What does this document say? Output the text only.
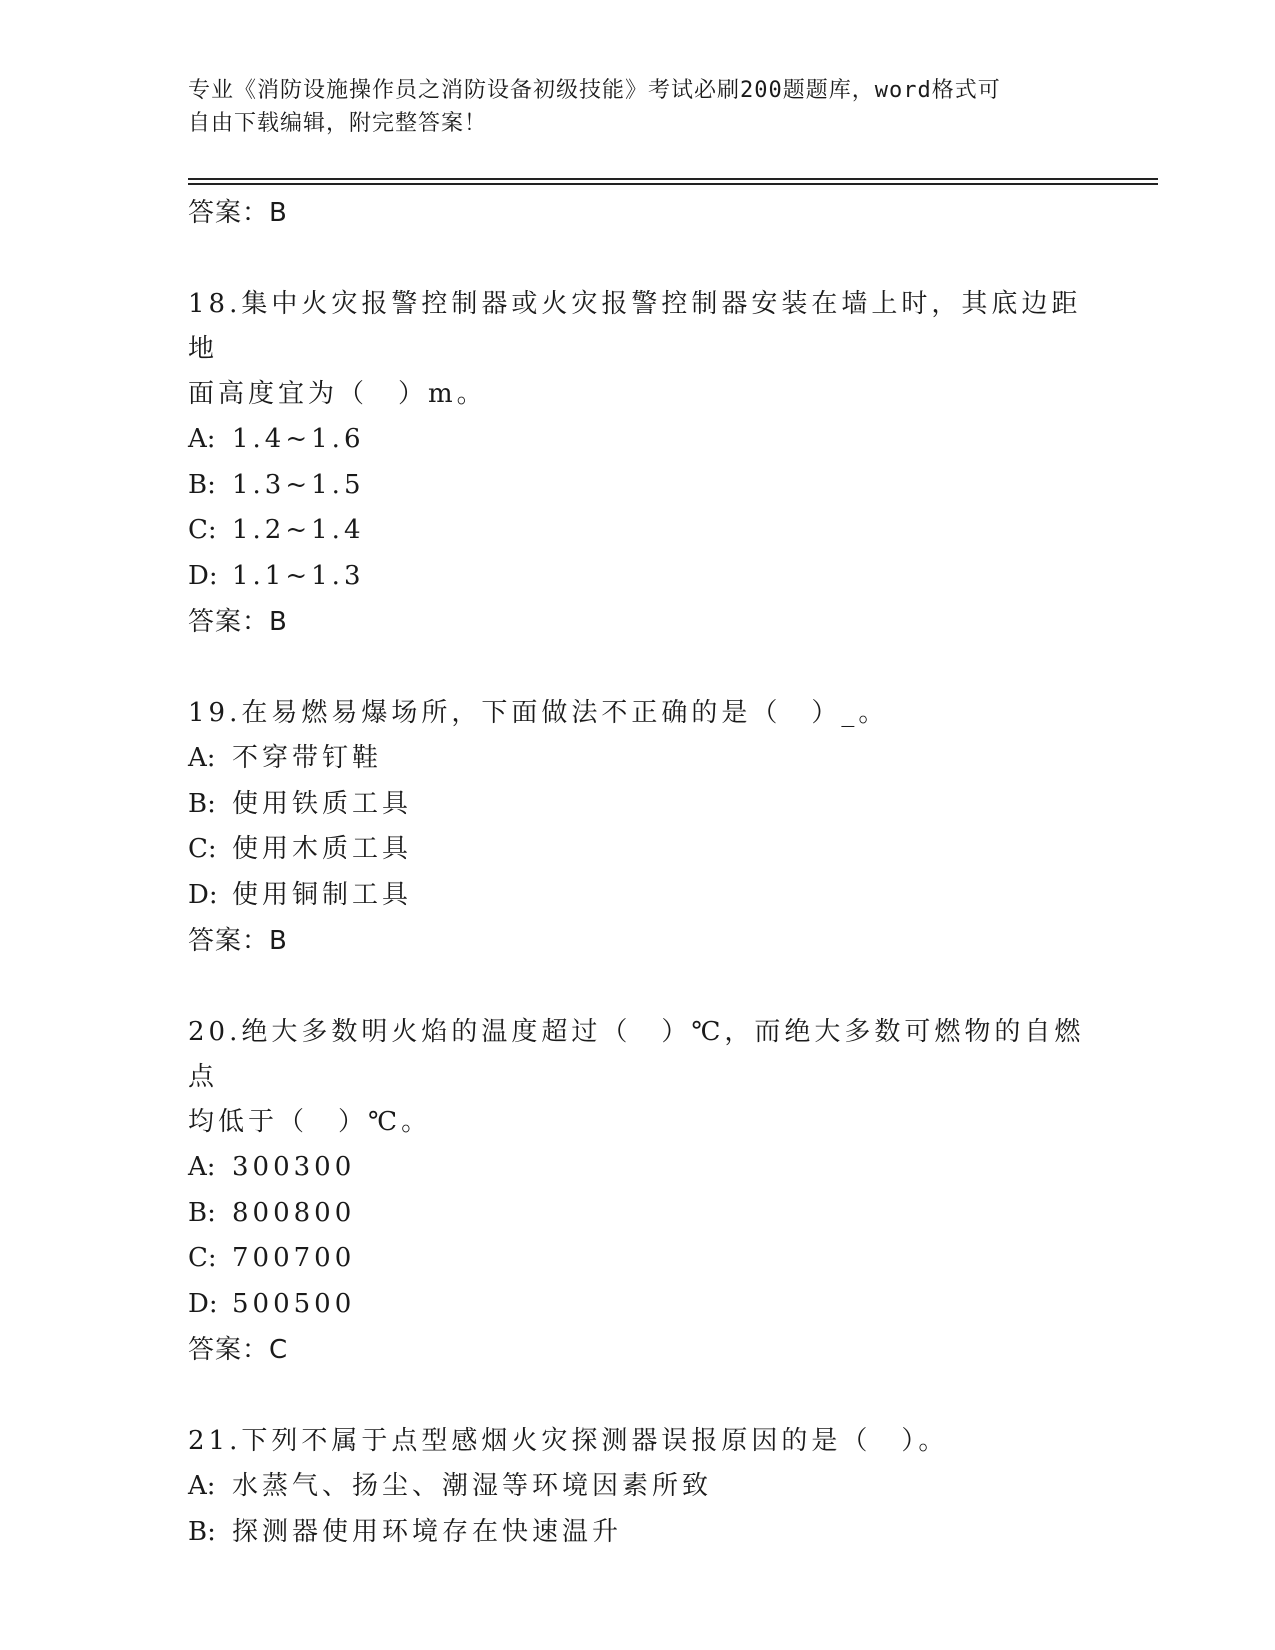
专业《消防设施操作员之消防设备初级技能》考试必刷200题题库，word格式可
自由下载编辑，附完整答案！
答案：B
18.集中火灾报警控制器或火灾报警控制器安装在墙上时，其底边距地
面高度宜为（　）m。
A: 1.4~1.6
B: 1.3~1.5
C: 1.2~1.4
D: 1.1~1.3
答案：B
19.在易燃易爆场所，下面做法不正确的是（　）_。
A: 不穿带钉鞋
B: 使用铁质工具
C: 使用木质工具
D: 使用铜制工具
答案：B
20.绝大多数明火焰的温度超过（　）℃，而绝大多数可燃物的自燃点
均低于（　）℃。
A: 300300
B: 800800
C: 700700
D: 500500
答案：C
21.下列不属于点型感烟火灾探测器误报原因的是（　）。
A: 水蒸气、扬尘、潮湿等环境因素所致
B: 探测器使用环境存在快速温升
